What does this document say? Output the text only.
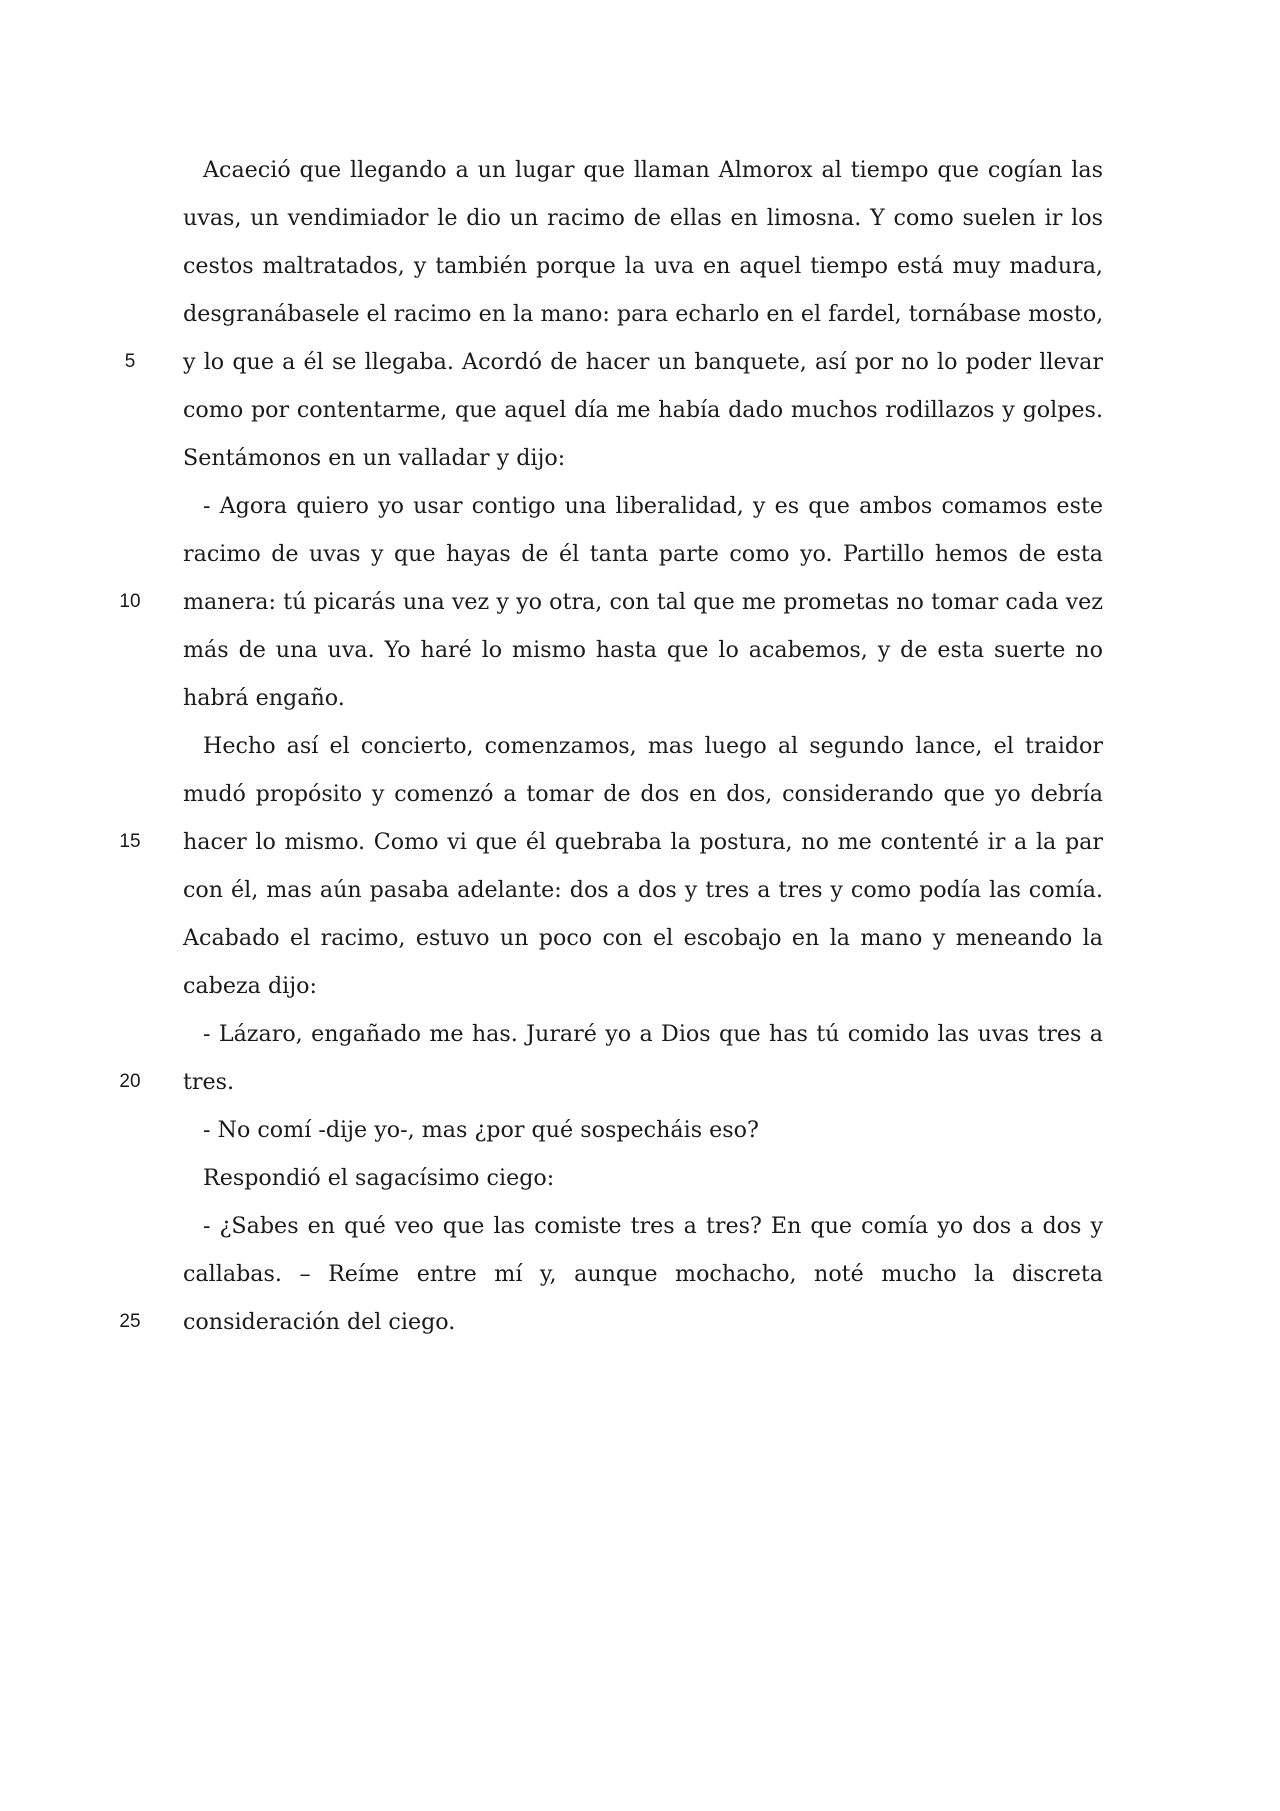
Acaeció que llegando a un lugar que llaman Almorox al tiempo que cogían las
uvas, un vendimiador le dio un racimo de ellas en limosna. Y como suelen ir los
cestos maltratados, y también porque la uva en aquel tiempo está muy madura,
desgranábasele el racimo en la mano: para echarlo en el fardel, tornábase mosto,
y lo que a él se llegaba. Acordó de hacer un banquete, así por no lo poder llevar
como por contentarme, que aquel día me había dado muchos rodillazos y golpes.
Sentámonos en un valladar y dijo:
- Agora quiero yo usar contigo una liberalidad, y es que ambos comamos este
racimo de uvas y que hayas de él tanta parte como yo. Partillo hemos de esta
manera: tú picarás una vez y yo otra, con tal que me prometas no tomar cada vez
más de una uva. Yo haré lo mismo hasta que lo acabemos, y de esta suerte no
habrá engaño.
Hecho así el concierto, comenzamos, mas luego al segundo lance, el traidor
mudó propósito y comenzó a tomar de dos en dos, considerando que yo debría
hacer lo mismo. Como vi que él quebraba la postura, no me contenté ir a la par
con él, mas aún pasaba adelante: dos a dos y tres a tres y como podía las comía.
Acabado el racimo, estuvo un poco con el escobajo en la mano y meneando la
cabeza dijo:
- Lázaro, engañado me has. Juraré yo a Dios que has tú comido las uvas tres a
tres.
- No comí -dije yo-, mas ¿por qué sospecháis eso?
Respondió el sagacísimo ciego:
- ¿Sabes en qué veo que las comiste tres a tres? En que comía yo dos a dos y
callabas. – Reíme entre mí y, aunque mochacho, noté mucho la discreta
consideración del ciego.
5
10
15
20
25
